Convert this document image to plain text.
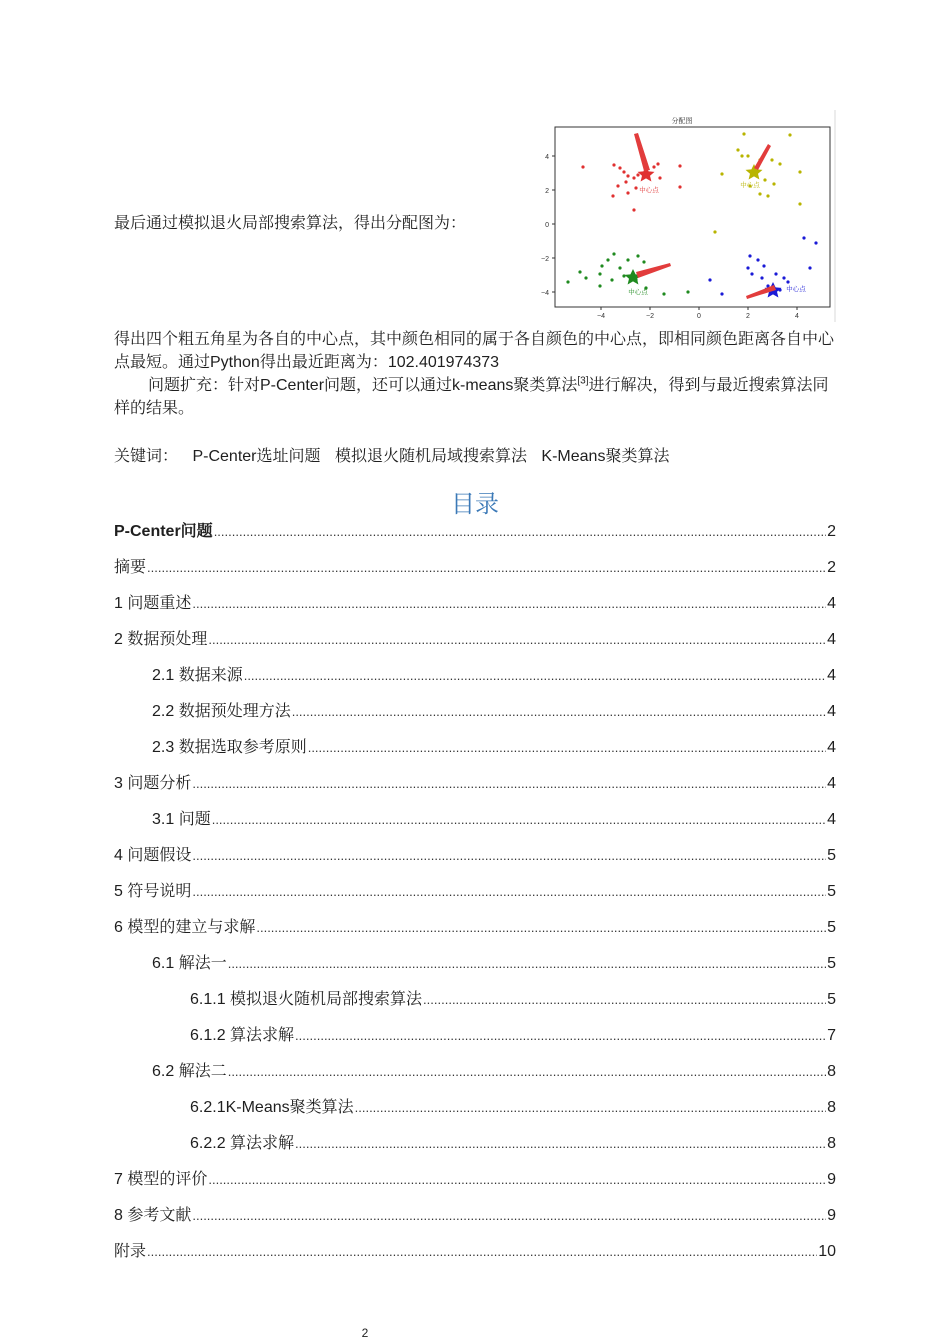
最后通过模拟退火局部搜索算法，得出分配图为：
分配图
4
2
0
−2
−4
−4	−2	0	2	4
中心点
中心点
中心点	中心点
得出四个粗五角星为各自的中心点，其中颜色相同的属于各自颜色的中心点，即相同颜色距离各自中心点最短。通过Python得出最近距离为：102.401974373
问题扩充：针对P-Center问题，还可以通过k-means聚类算法[3]进行解决，得到与最近搜索算法同样的结果。
关键词： P-Center选址问题 模拟退火随机局域搜索算法 K-Means聚类算法
目录
P-Center问题 .....	2
摘要 .....	2
1 问题重述 .....	4
2 数据预处理 .....	4
2.1 数据来源 .....	4
2.2 数据预处理方法 .....	4
2.3 数据选取参考原则 .....	4
3 问题分析 .....	4
3.1 问题 .....	4
4 问题假设 .....	5
5 符号说明 .....	5
6 模型的建立与求解 .....	5
6.1 解法一 .....	5
6.1.1 模拟退火随机局部搜索算法 .....	5
6.1.2 算法求解 .....	7
6.2 解法二 .....	8
6.2.1K-Means聚类算法 .....	8
6.2.2 算法求解 .....	8
7 模型的评价 .....	9
8 参考文献 .....	9
附录 .....	10
2
